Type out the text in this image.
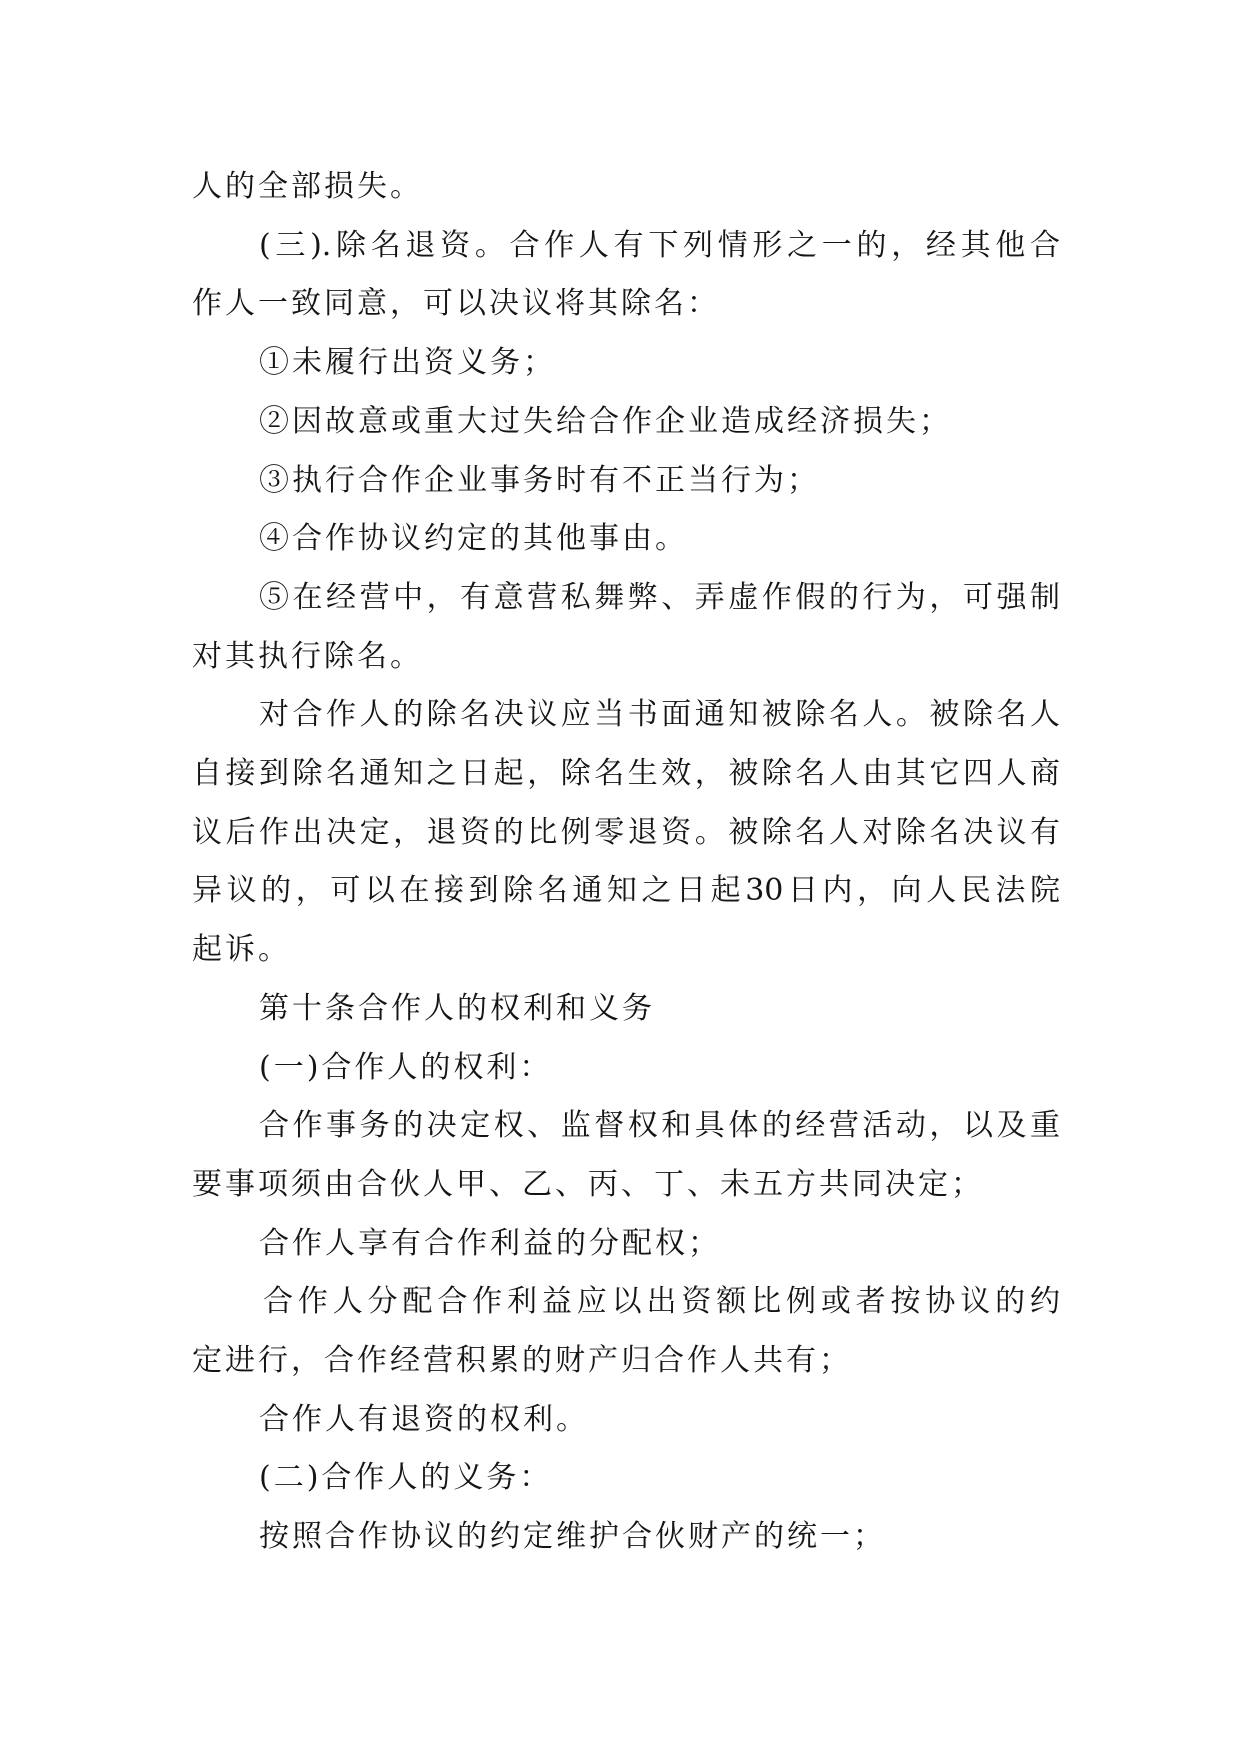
人的全部损失。
(三).除名退资。合作人有下列情形之一的，经其他合
作人一致同意，可以决议将其除名：
①未履行出资义务；
②因故意或重大过失给合作企业造成经济损失；
③执行合作企业事务时有不正当行为；
④合作协议约定的其他事由。
⑤在经营中，有意营私舞弊、弄虚作假的行为，可强制
对其执行除名。
对合作人的除名决议应当书面通知被除名人。被除名人
自接到除名通知之日起，除名生效，被除名人由其它四人商
议后作出决定，退资的比例零退资。被除名人对除名决议有
异议的，可以在接到除名通知之日起30日内，向人民法院
起诉。
第十条合作人的权利和义务
(一)合作人的权利：
合作事务的决定权、监督权和具体的经营活动，以及重
要事项须由合伙人甲、乙、丙、丁、未五方共同决定；
合作人享有合作利益的分配权；
合作人分配合作利益应以出资额比例或者按协议的约
定进行，合作经营积累的财产归合作人共有；
合作人有退资的权利。
(二)合作人的义务：
按照合作协议的约定维护合伙财产的统一；
